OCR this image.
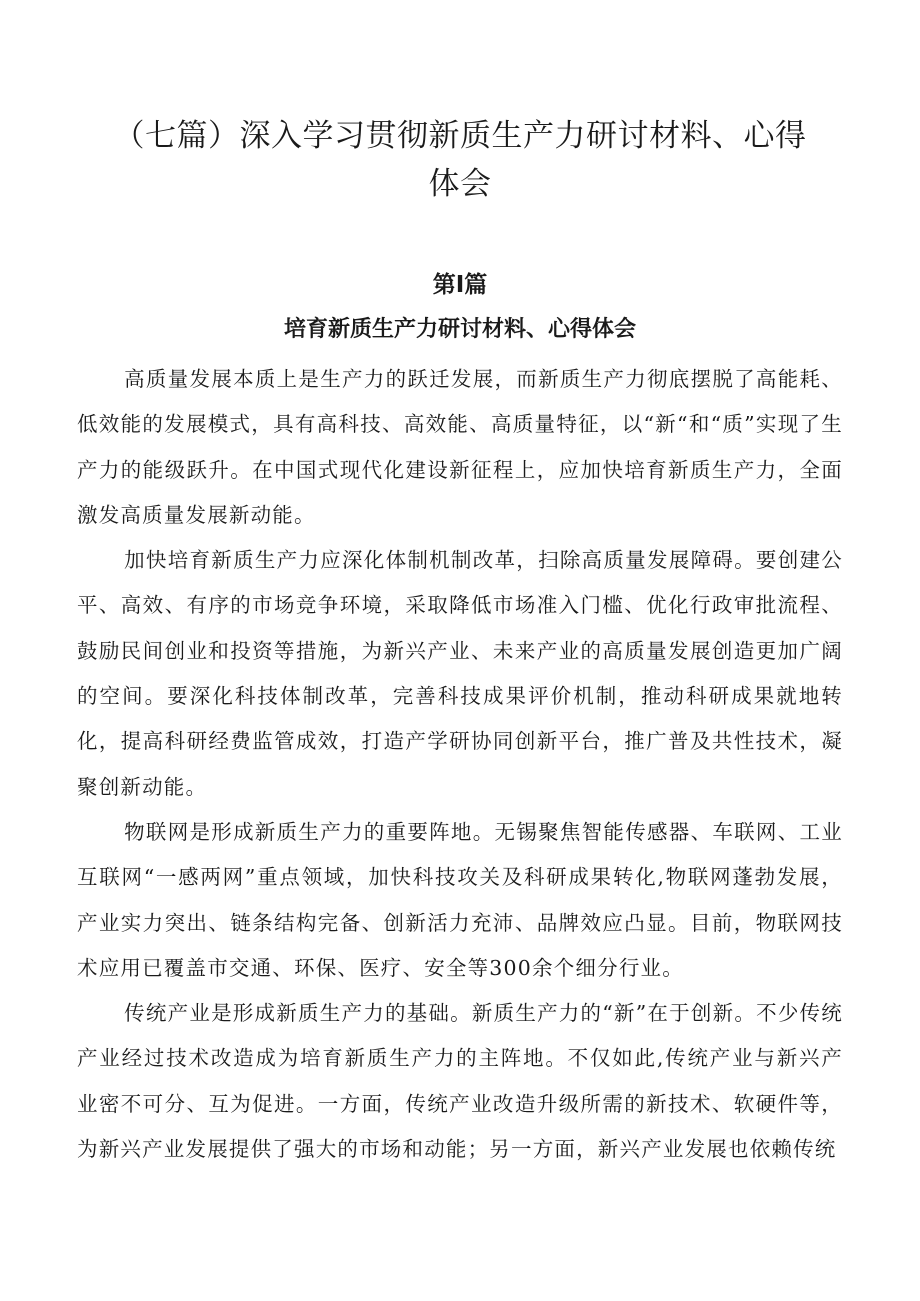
（七篇）深入学习贯彻新质生产力研讨材料、心得体会
第Ⅰ篇
培育新质生产力研讨材料、心得体会

高质量发展本质上是生产力的跃迁发展，而新质生产力彻底摆脱了高能耗、低效能的发展模式，具有高科技、高效能、高质量特征，以“新“和“质”实现了生产力的能级跃升。在中国式现代化建设新征程上，应加快培育新质生产力，全面激发高质量发展新动能。

加快培育新质生产力应深化体制机制改革，扫除高质量发展障碍。要创建公平、高效、有序的市场竞争环境，采取降低市场准入门槛、优化行政审批流程、鼓励民间创业和投资等措施，为新兴产业、未来产业的高质量发展创造更加广阔的空间。要深化科技体制改革，完善科技成果评价机制，推动科研成果就地转化，提高科研经费监管成效，打造产学研协同创新平台，推广普及共性技术，凝聚创新动能。

物联网是形成新质生产力的重要阵地。无锡聚焦智能传感器、车联网、工业互联网“一感两网”重点领域，加快科技攻关及科研成果转化,物联网蓬勃发展，产业实力突出、链条结构完备、创新活力充沛、品牌效应凸显。目前，物联网技术应用已覆盖市交通、环保、医疗、安全等300余个细分行业。

传统产业是形成新质生产力的基础。新质生产力的“新”在于创新。不少传统产业经过技术改造成为培育新质生产力的主阵地。不仅如此,传统产业与新兴产业密不可分、互为促进。一方面，传统产业改造升级所需的新技术、软硬件等，为新兴产业发展提供了强大的市场和动能；另一方面，新兴产业发展也依赖传统
